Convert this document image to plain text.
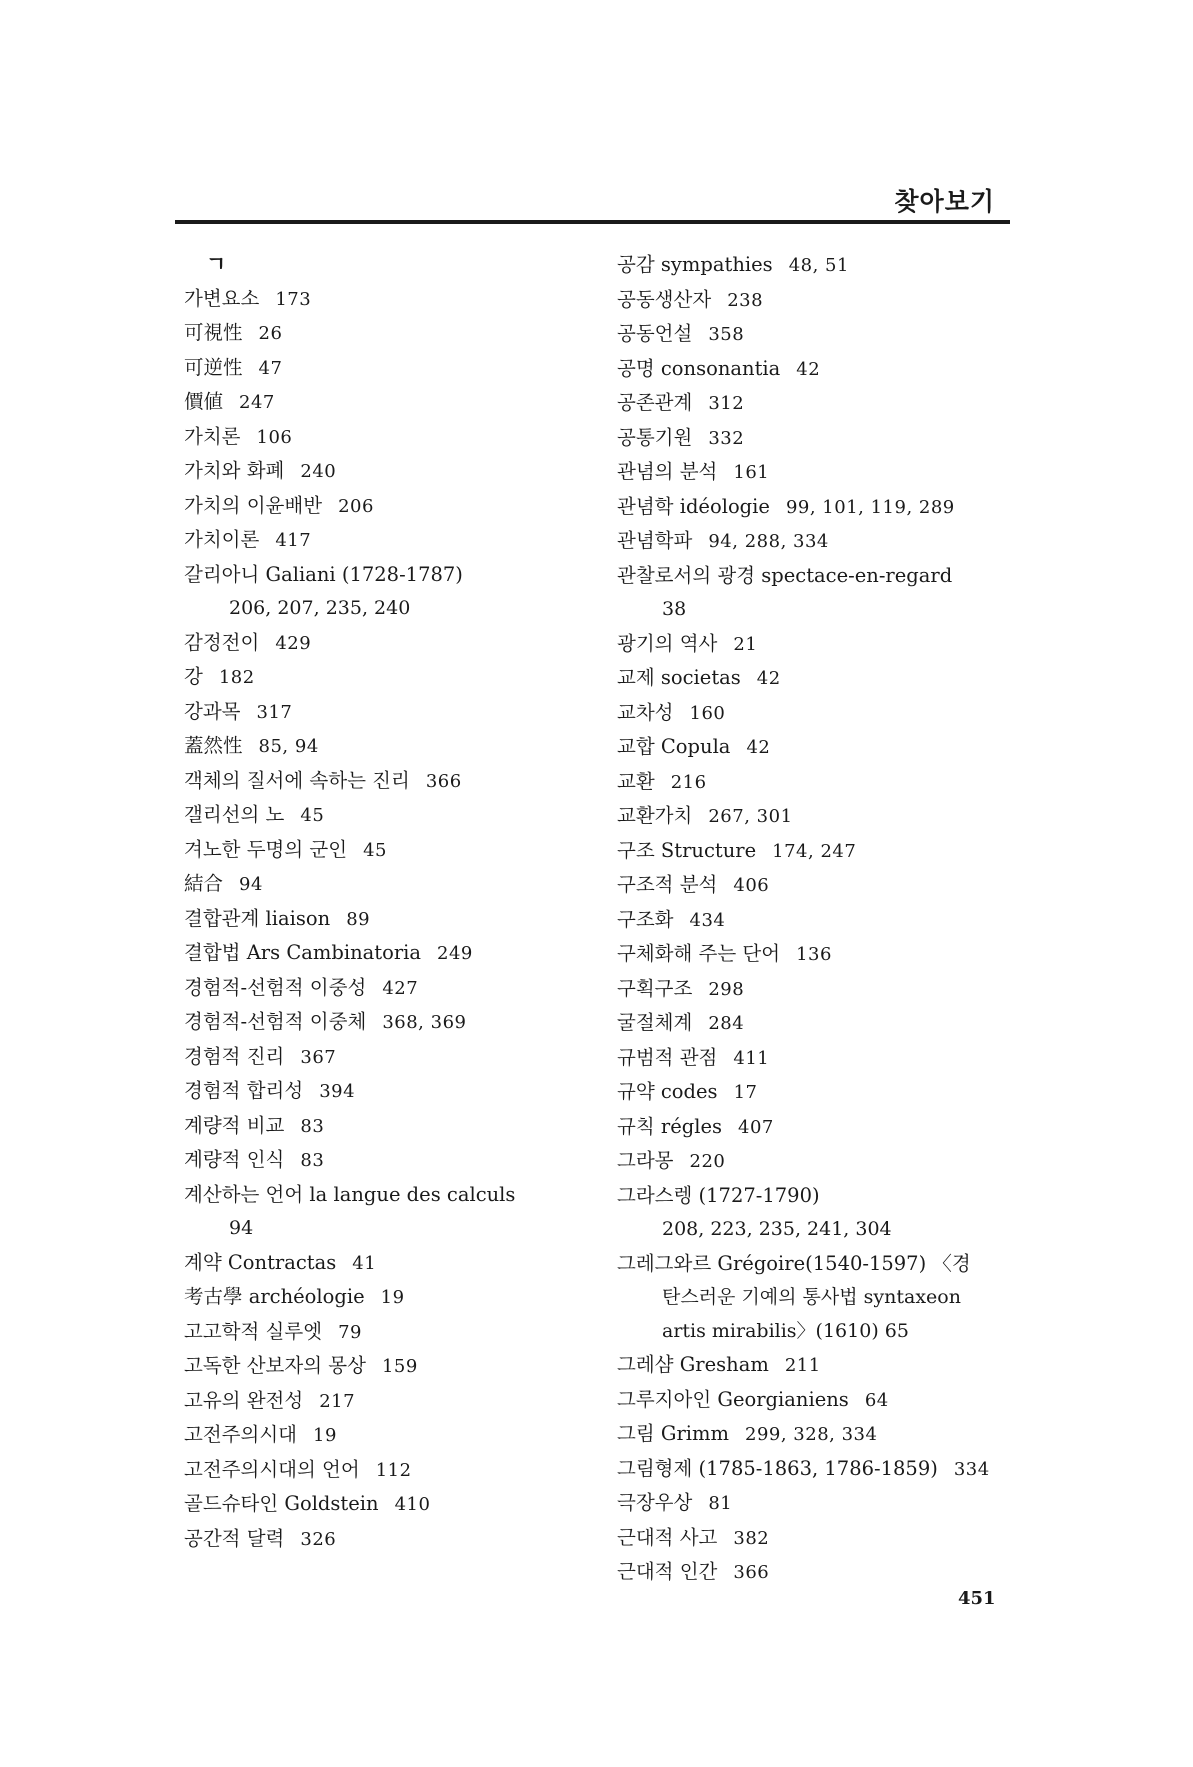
찾아보기
ㄱ
가변요소 173
可視性 26
可逆性 47
價値 247
가치론 106
가치와 화폐 240
가치의 이윤배반 206
가치이론 417
갈리아니 Galiani (1728-1787)
206, 207, 235, 240
감정전이 429
강 182
강과목 317
蓋然性 85, 94
객체의 질서에 속하는 진리 366
갤리선의 노 45
겨노한 두명의 군인 45
結合 94
결합관계 liaison 89
결합법 Ars Cambinatoria 249
경험적-선험적 이중성 427
경험적-선험적 이중체 368, 369
경험적 진리 367
경험적 합리성 394
계량적 비교 83
계량적 인식 83
계산하는 언어 la langue des calculs
94
계약 Contractas 41
考古學 archéologie 19
고고학적 실루엣 79
고독한 산보자의 몽상 159
고유의 완전성 217
고전주의시대 19
고전주의시대의 언어 112
골드슈타인 Goldstein 410
공간적 달력 326
공감 sympathies 48, 51
공동생산자 238
공동언설 358
공명 consonantia 42
공존관계 312
공통기원 332
관념의 분석 161
관념학 idéologie 99, 101, 119, 289
관념학파 94, 288, 334
관찰로서의 광경 spectace-en-regard
38
광기의 역사 21
교제 societas 42
교차성 160
교합 Copula 42
교환 216
교환가치 267, 301
구조 Structure 174, 247
구조적 분석 406
구조화 434
구체화해 주는 단어 136
구획구조 298
굴절체계 284
규범적 관점 411
규약 codes 17
규칙 régles 407
그라몽 220
그라스렝 (1727-1790)
208, 223, 235, 241, 304
그레그와르 Grégoire(1540-1597) 〈경
탄스러운 기예의 통사법 syntaxeon
artis mirabilis〉(1610) 65
그레샴 Gresham 211
그루지아인 Georgianiens 64
그림 Grimm 299, 328, 334
그림형제 (1785-1863, 1786-1859) 334
극장우상 81
근대적 사고 382
근대적 인간 366
451
